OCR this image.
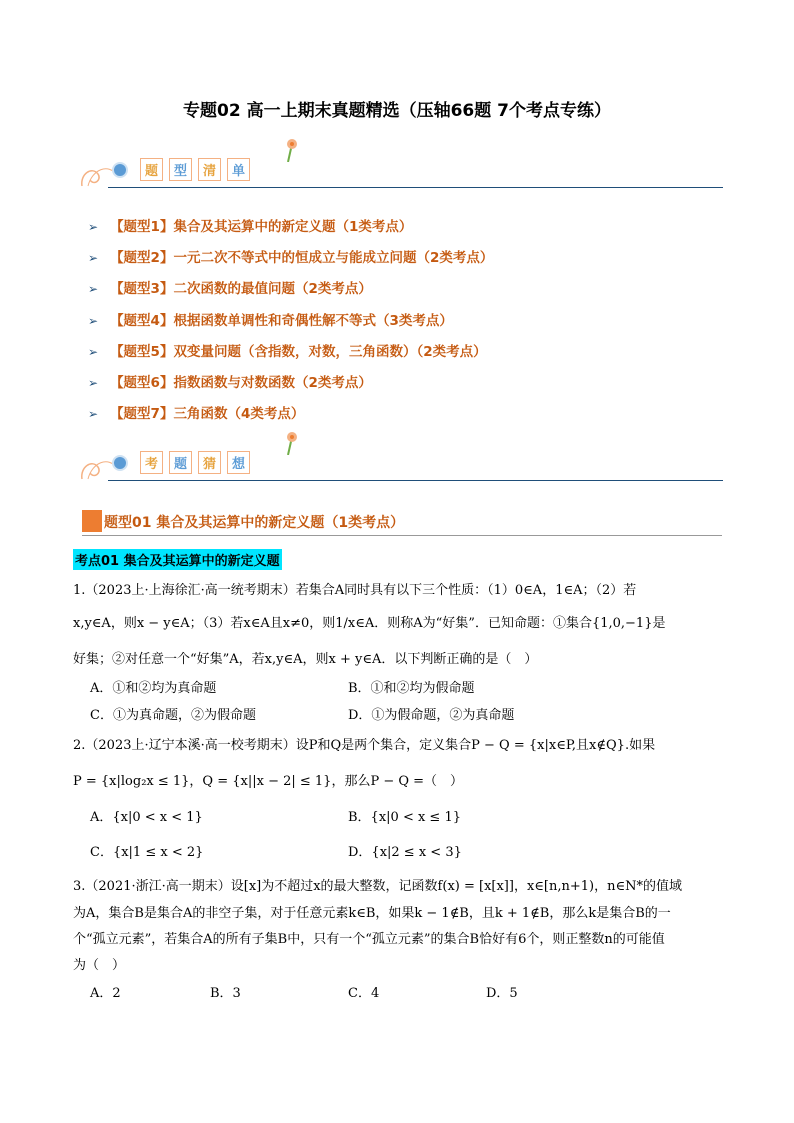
专题02 高一上期末真题精选（压轴66题 7个考点专练）
题	型	清	单
➢ 【题型1】集合及其运算中的新定义题（1类考点）
➢ 【题型2】一元二次不等式中的恒成立与能成立问题（2类考点）
➢ 【题型3】二次函数的最值问题（2类考点）
➢ 【题型4】根据函数单调性和奇偶性解不等式（3类考点）
➢ 【题型5】双变量问题（含指数，对数，三角函数）（2类考点）
➢ 【题型6】指数函数与对数函数（2类考点）
➢ 【题型7】三角函数（4类考点）
考	题	猜	想
题型01 集合及其运算中的新定义题（1类考点）
考点01 集合及其运算中的新定义题
1.（2023上·上海徐汇·高一统考期末）若集合A同时具有以下三个性质：（1）0∈A，1∈A；（2）若
x,y∈A，则x − y∈A；（3）若x∈A且x≠0，则1/x∈A．则称A为“好集”．已知命题：①集合{1,0,−1}是
好集；②对任意一个“好集”A，若x,y∈A，则x + y∈A．以下判断正确的是（　）
A．①和②均为真命题	B．①和②均为假命题
C．①为真命题，②为假命题	D．①为假命题，②为真命题
2.（2023上·辽宁本溪·高一校考期末）设P和Q是两个集合，定义集合P − Q = {x|x∈P,且x∉Q}.如果
P = {x|log₂x ≤ 1}，Q = {x||x − 2| ≤ 1}，那么P − Q =（　）
A．{x|0 < x < 1}	B．{x|0 < x ≤ 1}
C．{x|1 ≤ x < 2}	D．{x|2 ≤ x < 3}
3.（2021·浙江·高一期末）设[x]为不超过x的最大整数，记函数f(x) = [x[x]]，x∈[n,n+1)，n∈N*的值域
为A，集合B是集合A的非空子集，对于任意元素k∈B，如果k − 1∉B，且k + 1∉B，那么k是集合B的一
个“孤立元素”，若集合A的所有子集B中，只有一个“孤立元素”的集合B恰好有6个，则正整数n的可能值
为（　）
A．2	B．3	C．4	D．5
